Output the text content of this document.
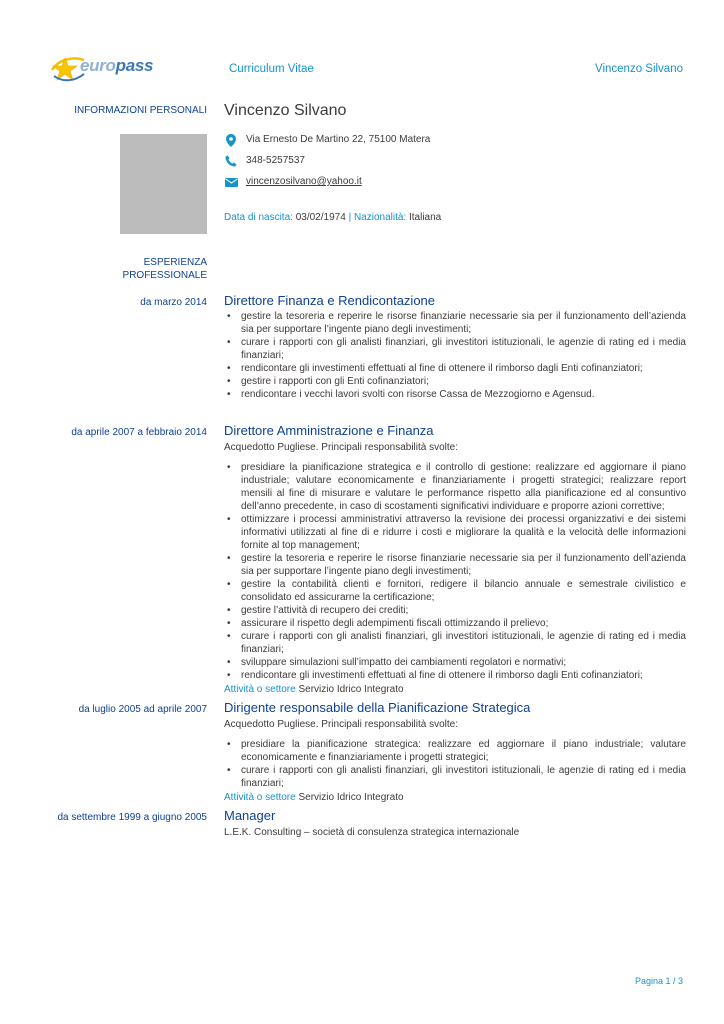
europass	Curriculum Vitae	Vincenzo Silvano
INFORMAZIONI PERSONALI Vincenzo Silvano
Via Ernesto De Martino 22, 75100 Matera
348-5257537
vincenzosilvano@yahoo.it
Data di nascita: 03/02/1974 | Nazionalità: Italiana
ESPERIENZA
PROFESSIONALE
da marzo 2014 Direttore Finanza e Rendicontazione
• gestire la tesoreria e reperire le risorse finanziarie necessarie sia per il funzionamento dell’azienda sia per supportare l’ingente piano degli investimenti;
• curare i rapporti con gli analisti finanziari, gli investitori istituzionali, le agenzie di rating ed i media finanziari;
• rendicontare gli investimenti effettuati al fine di ottenere il rimborso dagli Enti cofinanziatori;
• gestire i rapporti con gli Enti cofinanziatori;
• rendicontare i vecchi lavori svolti con risorse Cassa de Mezzogiorno e Agensud.
da aprile 2007 a febbraio 2014 Direttore Amministrazione e Finanza
Acquedotto Pugliese. Principali responsabilità svolte:
• presidiare la pianificazione strategica e il controllo di gestione: realizzare ed aggiornare il piano industriale; valutare economicamente e finanziariamente i progetti strategici; realizzare report mensili al fine di misurare e valutare le performance rispetto alla pianificazione ed al consuntivo dell’anno precedente, in caso di scostamenti significativi individuare e proporre azioni correttive;
• ottimizzare i processi amministrativi attraverso la revisione dei processi organizzativi e dei sistemi informativi utilizzati al fine di e ridurre i costi e migliorare la qualità e la velocità delle informazioni fornite al top management;
• gestire la tesoreria e reperire le risorse finanziarie necessarie sia per il funzionamento dell’azienda sia per supportare l’ingente piano degli investimenti;
• gestire la contabilità clienti e fornitori, redigere il bilancio annuale e semestrale civilistico e consolidato ed assicurarne la certificazione;
• gestire l’attività di recupero dei crediti;
• assicurare il rispetto degli adempimenti fiscali ottimizzando il prelievo;
• curare i rapporti con gli analisti finanziari, gli investitori istituzionali, le agenzie di rating ed i media finanziari;
• sviluppare simulazioni sull’impatto dei cambiamenti regolatori e normativi;
• rendicontare gli investimenti effettuati al fine di ottenere il rimborso dagli Enti cofinanziatori;
Attività o settore Servizio Idrico Integrato
da luglio 2005 ad aprile 2007 Dirigente responsabile della Pianificazione Strategica
Acquedotto Pugliese. Principali responsabilità svolte:
• presidiare la pianificazione strategica: realizzare ed aggiornare il piano industriale; valutare economicamente e finanziariamente i progetti strategici;
• curare i rapporti con gli analisti finanziari, gli investitori istituzionali, le agenzie di rating ed i media finanziari;
Attività o settore Servizio Idrico Integrato
da settembre 1999 a giugno 2005 Manager
L.E.K. Consulting – società di consulenza strategica internazionale
Pagina 1 / 3
